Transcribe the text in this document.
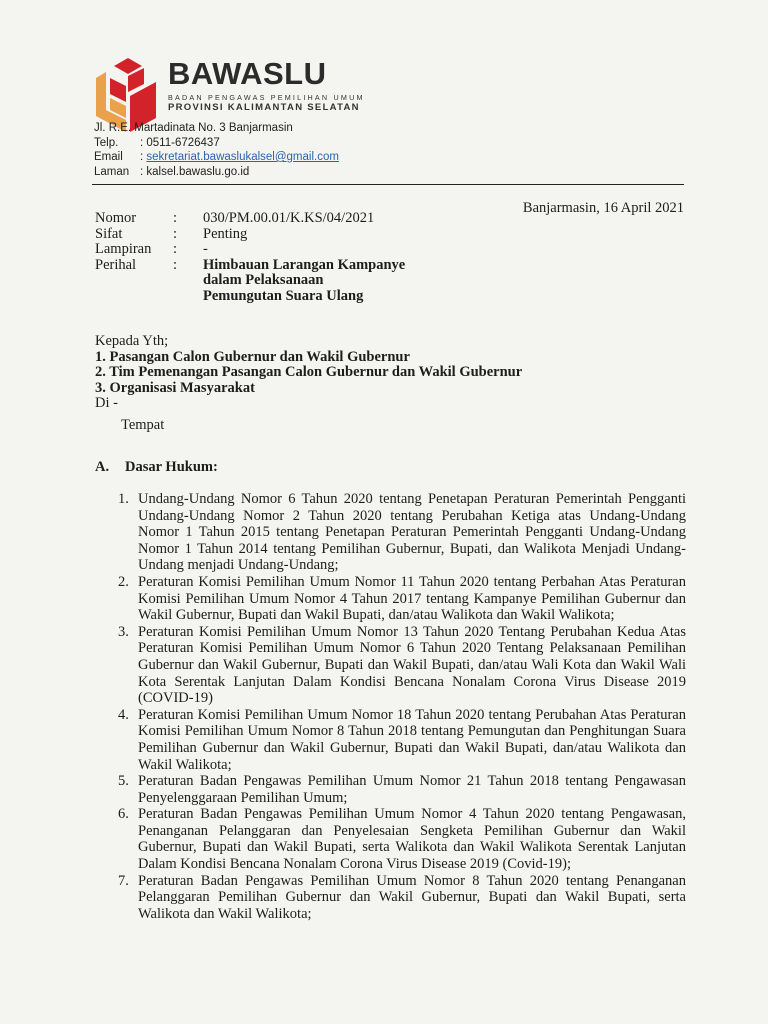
BAWASLU
BADAN PENGAWAS PEMILIHAN UMUM
PROVINSI KALIMANTAN SELATAN
Jl. R.E. Martadinata No. 3 Banjarmasin
Telp. : 0511-6726437
Email : sekretariat.bawaslukalsel@gmail.com
Laman : kalsel.bawaslu.go.id
Banjarmasin, 16 April 2021
Nomor	:	030/PM.00.01/K.KS/04/2021
Sifat	:	Penting
Lampiran	:	-
Perihal	:	Himbauan Larangan Kampanye
dalam Pelaksanaan
Pemungutan Suara Ulang
Kepada Yth;
1. Pasangan Calon Gubernur dan Wakil Gubernur
2. Tim Pemenangan Pasangan Calon Gubernur dan Wakil Gubernur
3. Organisasi Masyarakat
Di -
Tempat
A. Dasar Hukum:
1. Undang-Undang Nomor 6 Tahun 2020 tentang Penetapan Peraturan Pemerintah Pengganti Undang-Undang Nomor 2 Tahun 2020 tentang Perubahan Ketiga atas Undang-Undang Nomor 1 Tahun 2015 tentang Penetapan Peraturan Pemerintah Pengganti Undang-Undang Nomor 1 Tahun 2014 tentang Pemilihan Gubernur, Bupati, dan Walikota Menjadi Undang-Undang menjadi Undang-Undang;
2. Peraturan Komisi Pemilihan Umum Nomor 11 Tahun 2020 tentang Perbahan Atas Peraturan Komisi Pemilihan Umum Nomor 4 Tahun 2017 tentang Kampanye Pemilihan Gubernur dan Wakil Gubernur, Bupati dan Wakil Bupati, dan/atau Walikota dan Wakil Walikota;
3. Peraturan Komisi Pemilihan Umum Nomor 13 Tahun 2020 Tentang Perubahan Kedua Atas Peraturan Komisi Pemilihan Umum Nomor 6 Tahun 2020 Tentang Pelaksanaan Pemilihan Gubernur dan Wakil Gubernur, Bupati dan Wakil Bupati, dan/atau Wali Kota dan Wakil Wali Kota Serentak Lanjutan Dalam Kondisi Bencana Nonalam Corona Virus Disease 2019 (COVID-19)
4. Peraturan Komisi Pemilihan Umum Nomor 18 Tahun 2020 tentang Perubahan Atas Peraturan Komisi Pemilihan Umum Nomor 8 Tahun 2018 tentang Pemungutan dan Penghitungan Suara Pemilihan Gubernur dan Wakil Gubernur, Bupati dan Wakil Bupati, dan/atau Walikota dan Wakil Walikota;
5. Peraturan Badan Pengawas Pemilihan Umum Nomor 21 Tahun 2018 tentang Pengawasan Penyelenggaraan Pemilihan Umum;
6. Peraturan Badan Pengawas Pemilihan Umum Nomor 4 Tahun 2020 tentang Pengawasan, Penanganan Pelanggaran dan Penyelesaian Sengketa Pemilihan Gubernur dan Wakil Gubernur, Bupati dan Wakil Bupati, serta Walikota dan Wakil Walikota Serentak Lanjutan Dalam Kondisi Bencana Nonalam Corona Virus Disease 2019 (Covid-19);
7. Peraturan Badan Pengawas Pemilihan Umum Nomor 8 Tahun 2020 tentang Penanganan Pelanggaran Pemilihan Gubernur dan Wakil Gubernur, Bupati dan Wakil Bupati, serta Walikota dan Wakil Walikota;
